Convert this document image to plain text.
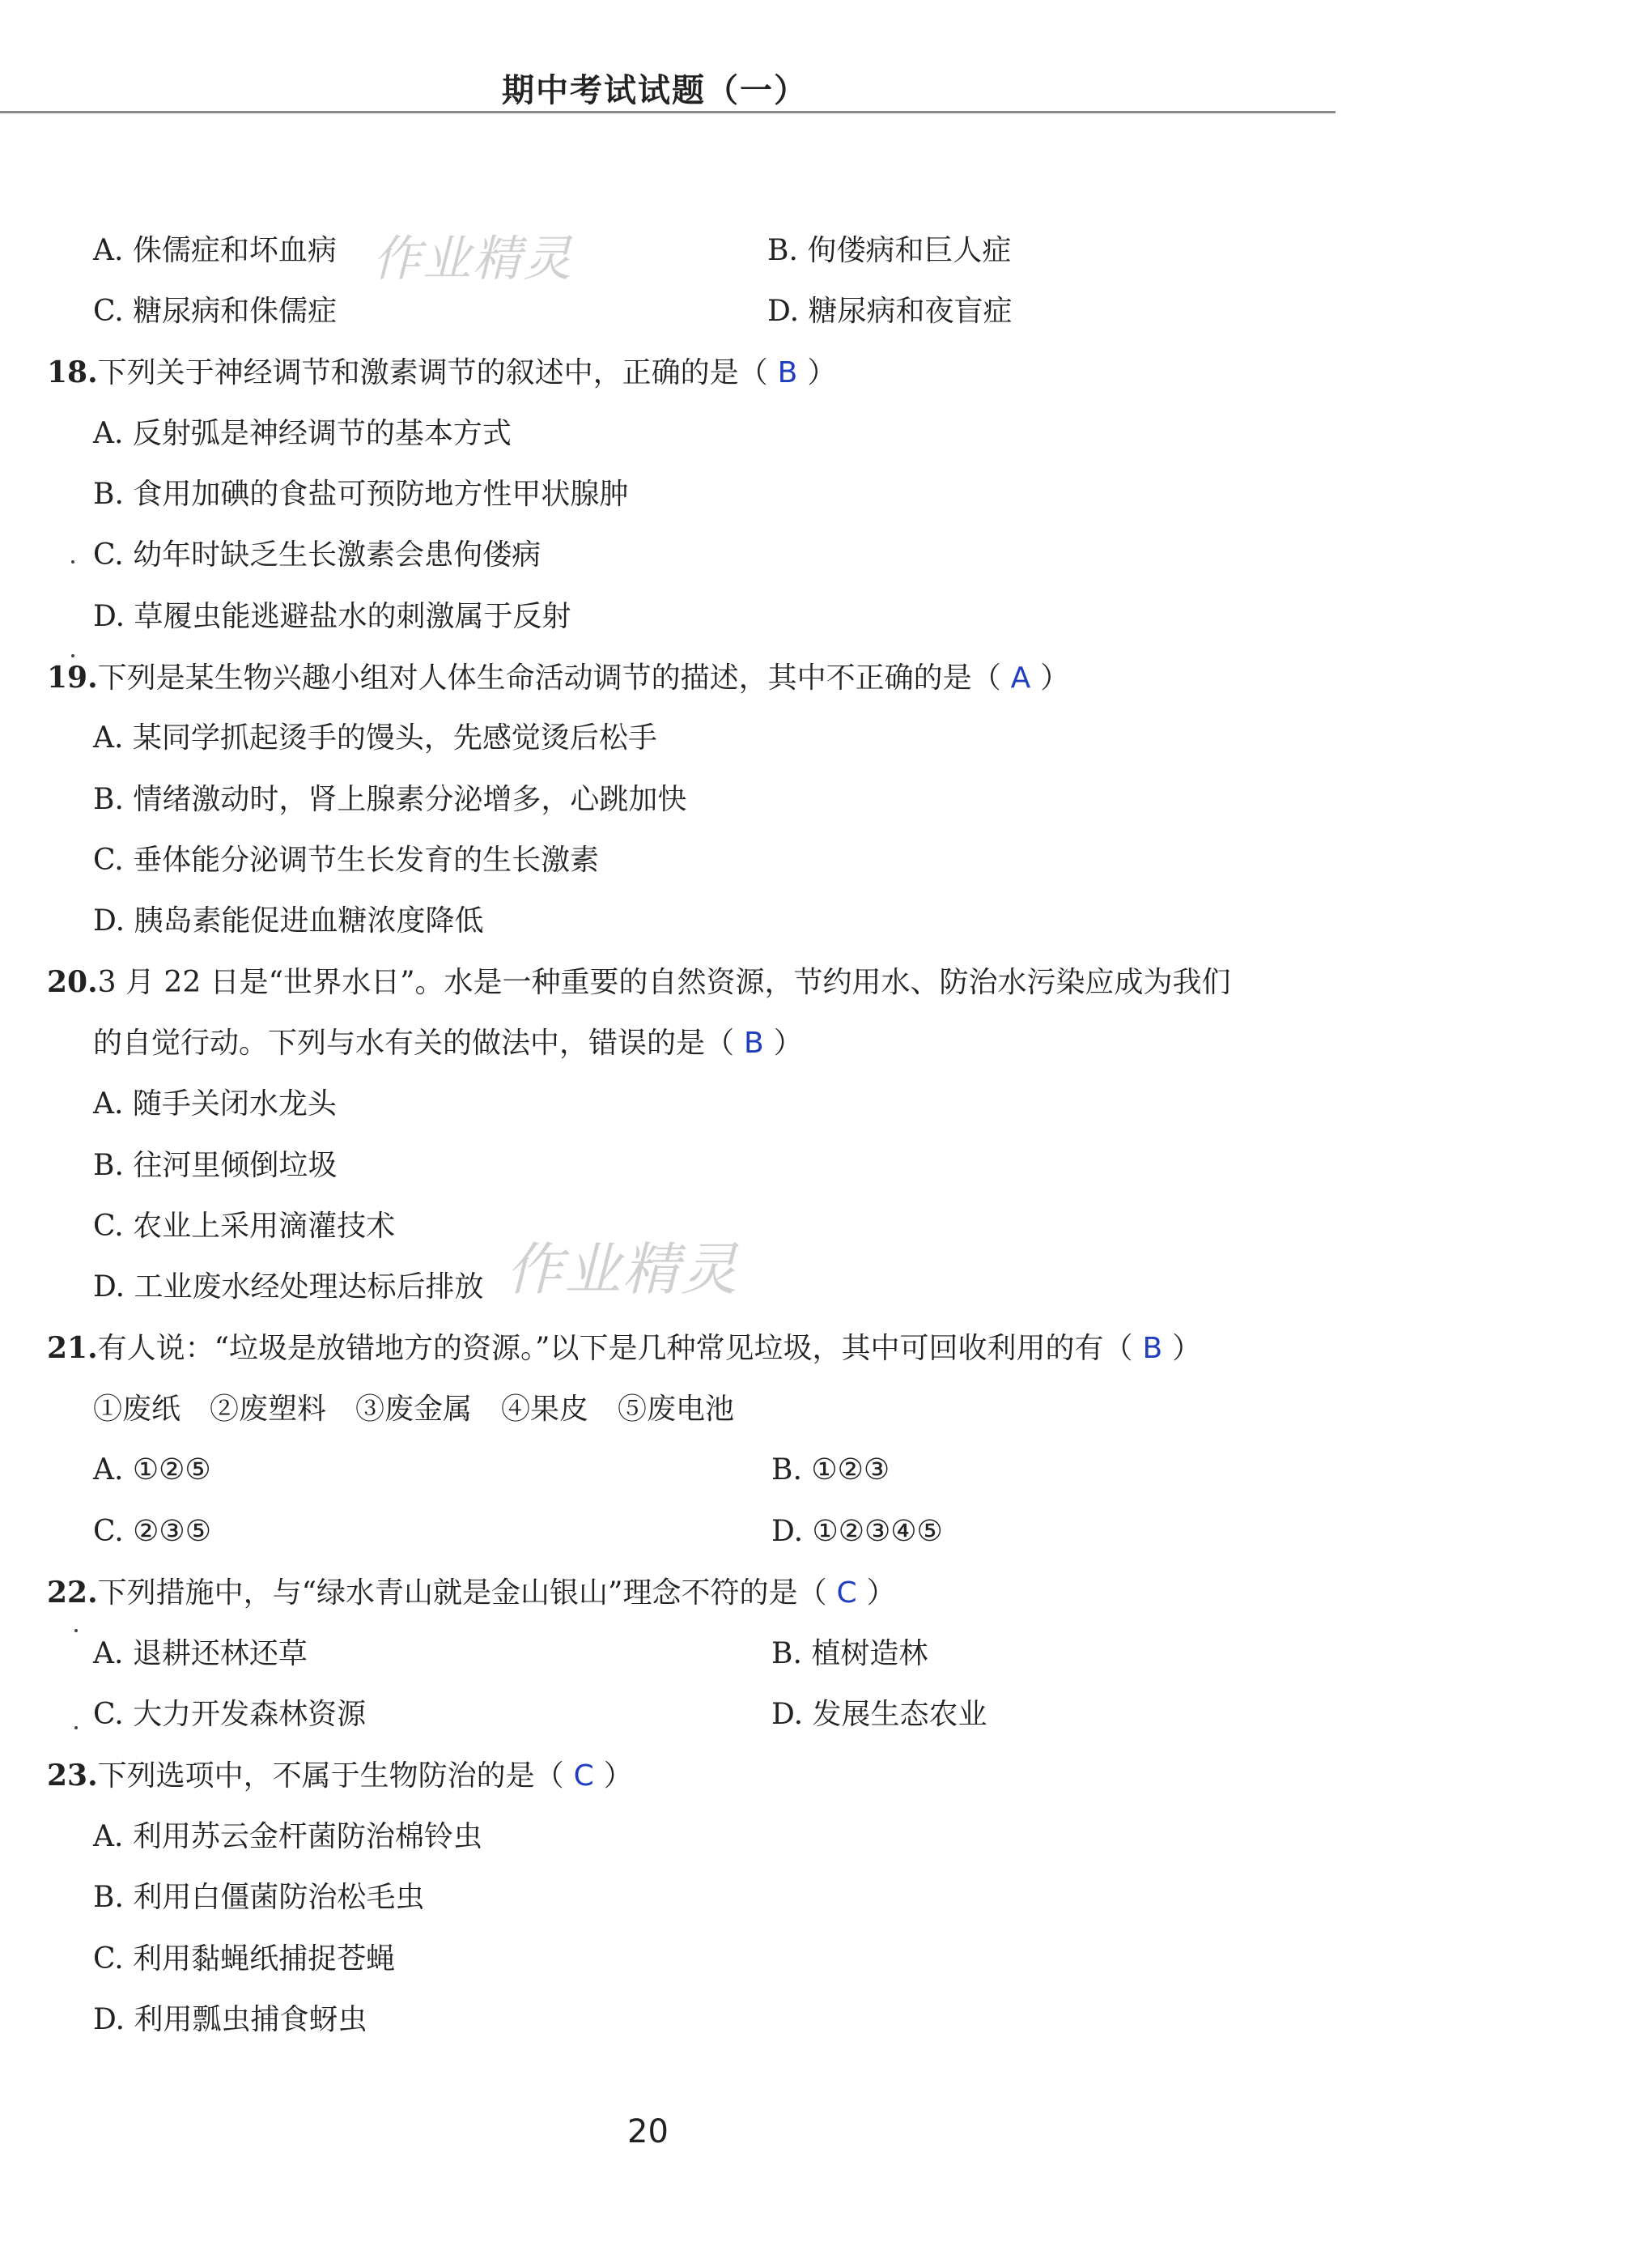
期中考试试题（一）
作业精灵
作业精灵
A. 侏儒症和坏血病	B. 佝偻病和巨人症
C. 糖尿病和侏儒症	D. 糖尿病和夜盲症
18.下列关于神经调节和激素调节的叙述中，正确的是（ B ）
A. 反射弧是神经调节的基本方式
B. 食用加碘的食盐可预防地方性甲状腺肿
C. 幼年时缺乏生长激素会患佝偻病
D. 草履虫能逃避盐水的刺激属于反射
19.下列是某生物兴趣小组对人体生命活动调节的描述，其中不正确的是（ A ）
A. 某同学抓起烫手的馒头，先感觉烫后松手
B. 情绪激动时，肾上腺素分泌增多，心跳加快
C. 垂体能分泌调节生长发育的生长激素
D. 胰岛素能促进血糖浓度降低
20.3 月 22 日是“世界水日”。水是一种重要的自然资源，节约用水、防治水污染应成为我们
的自觉行动。下列与水有关的做法中，错误的是（ B ）
A. 随手关闭水龙头
B. 往河里倾倒垃圾
C. 农业上采用滴灌技术
D. 工业废水经处理达标后排放
21.有人说：“垃圾是放错地方的资源。”以下是几种常见垃圾，其中可回收利用的有（ B ）
①废纸　②废塑料　③废金属　④果皮　⑤废电池
A. ①②⑤	B. ①②③
C. ②③⑤	D. ①②③④⑤
22.下列措施中，与“绿水青山就是金山银山”理念不符的是（ C ）
A. 退耕还林还草	B. 植树造林
C. 大力开发森林资源	D. 发展生态农业
23.下列选项中，不属于生物防治的是（ C ）
A. 利用苏云金杆菌防治棉铃虫
B. 利用白僵菌防治松毛虫
C. 利用黏蝇纸捕捉苍蝇
D. 利用瓢虫捕食蚜虫
20
